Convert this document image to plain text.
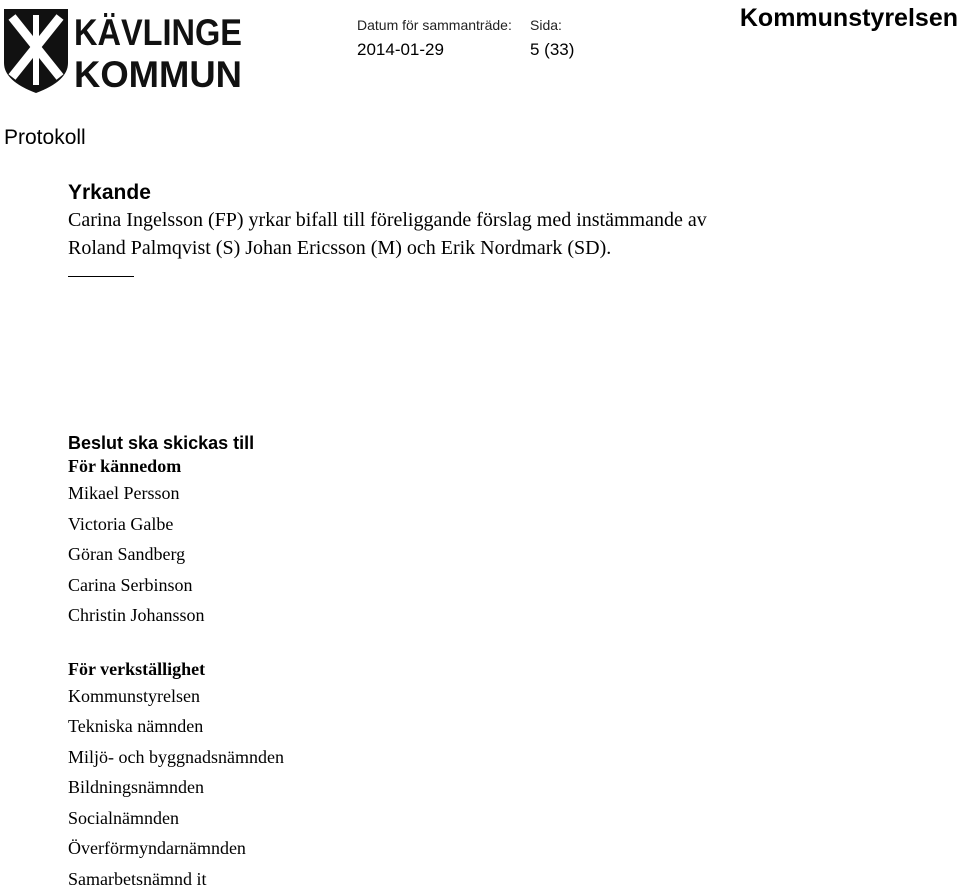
KÄVLINGE
KOMMUN
Datum för sammanträde:
2014-01-29
Sida:
5 (33)
Kommunstyrelsen
Protokoll
Yrkande

Carina Ingelsson (FP) yrkar bifall till föreliggande förslag med instämmande av

Roland Palmqvist (S) Johan Ericsson (M) och Erik Nordmark (SD).

Beslut ska skickas till
För kännedom
Mikael Persson
Victoria Galbe
Göran Sandberg
Carina Serbinson
Christin Johansson
För verkställighet
Kommunstyrelsen
Tekniska nämnden
Miljö- och byggnadsnämnden
Bildningsnämnden
Socialnämnden
Överförmyndarnämnden
Samarbetsnämnd it
